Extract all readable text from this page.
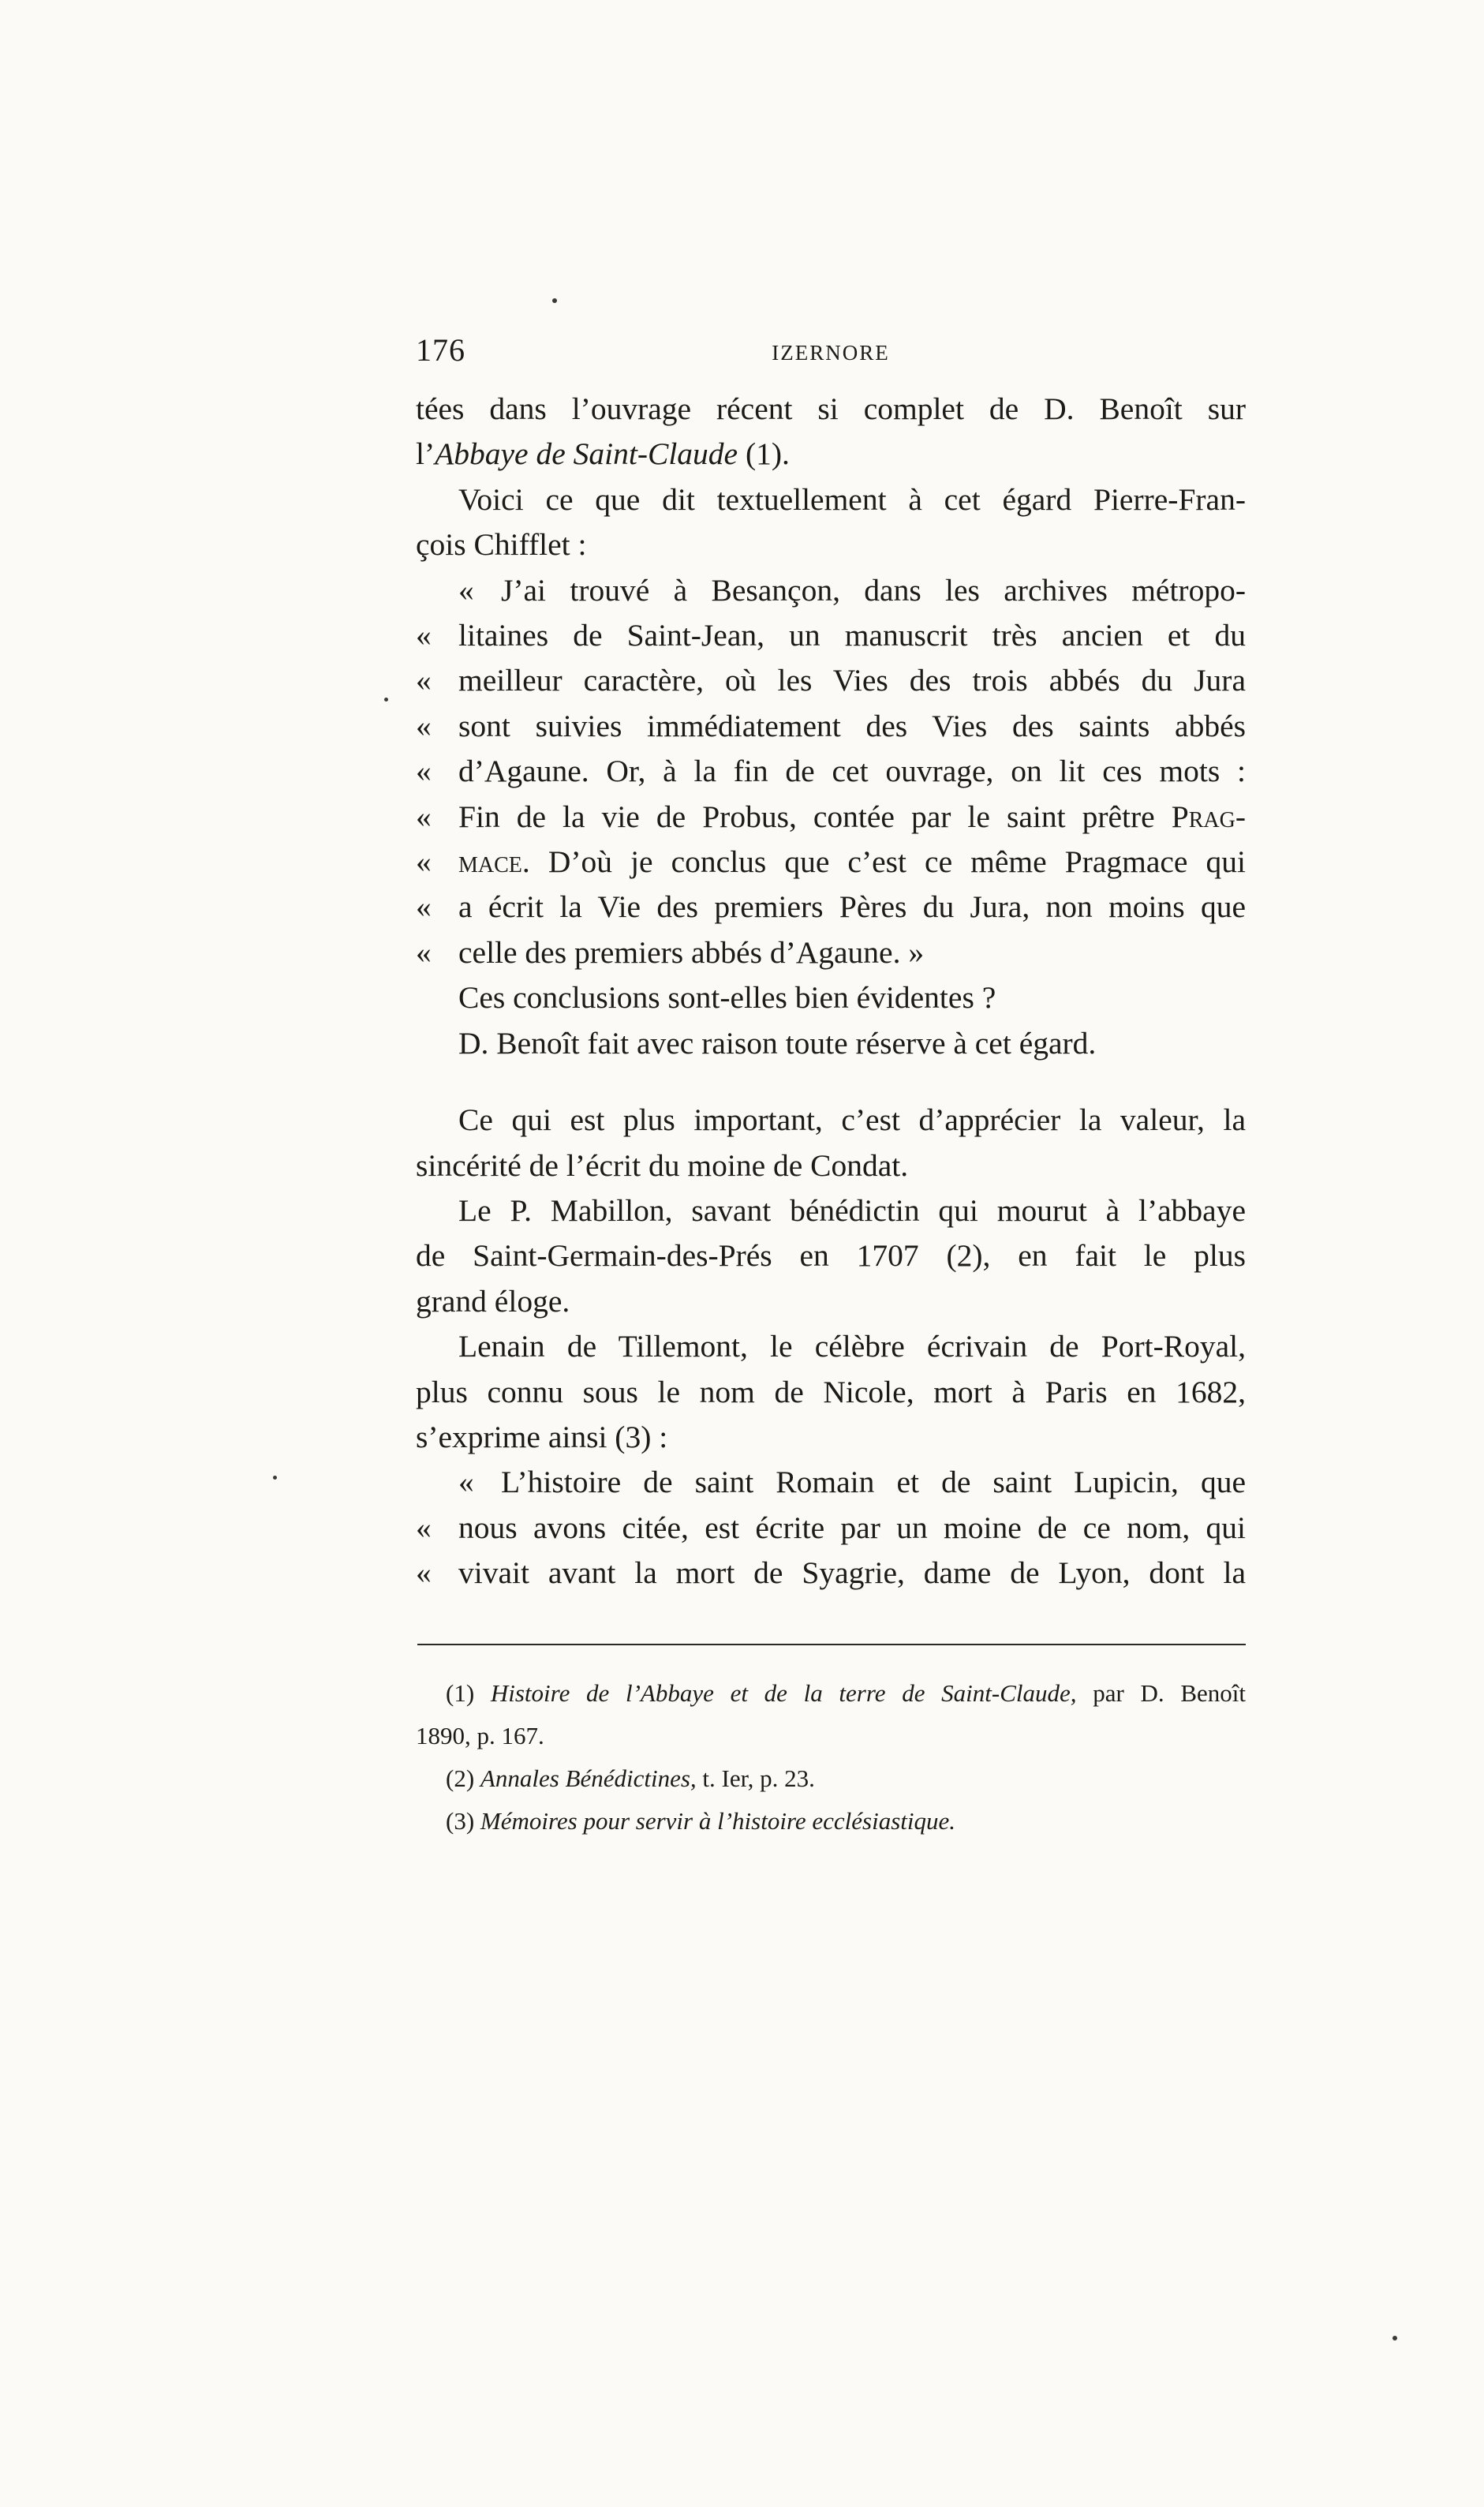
176	IZERNORE
tées dans l’ouvrage récent si complet de D. Benoît sur
l’Abbaye de Saint-Claude (1).
Voici ce que dit textuellement à cet égard Pierre-Fran-
çois Chifflet :
« J’ai trouvé à Besançon, dans les archives métropo-
« litaines de Saint-Jean, un manuscrit très ancien et du
« meilleur caractère, où les Vies des trois abbés du Jura
« sont suivies immédiatement des Vies des saints abbés
« d’Agaune. Or, à la fin de cet ouvrage, on lit ces mots :
« Fin de la vie de Probus, contée par le saint prêtre Prag-
« mace. D’où je conclus que c’est ce même Pragmace qui
« a écrit la Vie des premiers Pères du Jura, non moins que
« celle des premiers abbés d’Agaune. »
Ces conclusions sont-elles bien évidentes ?
D. Benoît fait avec raison toute réserve à cet égard.
Ce qui est plus important, c’est d’apprécier la valeur, la
sincérité de l’écrit du moine de Condat.
Le P. Mabillon, savant bénédictin qui mourut à l’abbaye
de Saint-Germain-des-Prés en 1707 (2), en fait le plus
grand éloge.
Lenain de Tillemont, le célèbre écrivain de Port-Royal,
plus connu sous le nom de Nicole, mort à Paris en 1682,
s’exprime ainsi (3) :
« L’histoire de saint Romain et de saint Lupicin, que
« nous avons citée, est écrite par un moine de ce nom, qui
« vivait avant la mort de Syagrie, dame de Lyon, dont la
(1) Histoire de l’Abbaye et de la terre de Saint-Claude, par D. Benoît
1890, p. 167.
(2) Annales Bénédictines, t. Ier, p. 23.
(3) Mémoires pour servir à l’histoire ecclésiastique.
